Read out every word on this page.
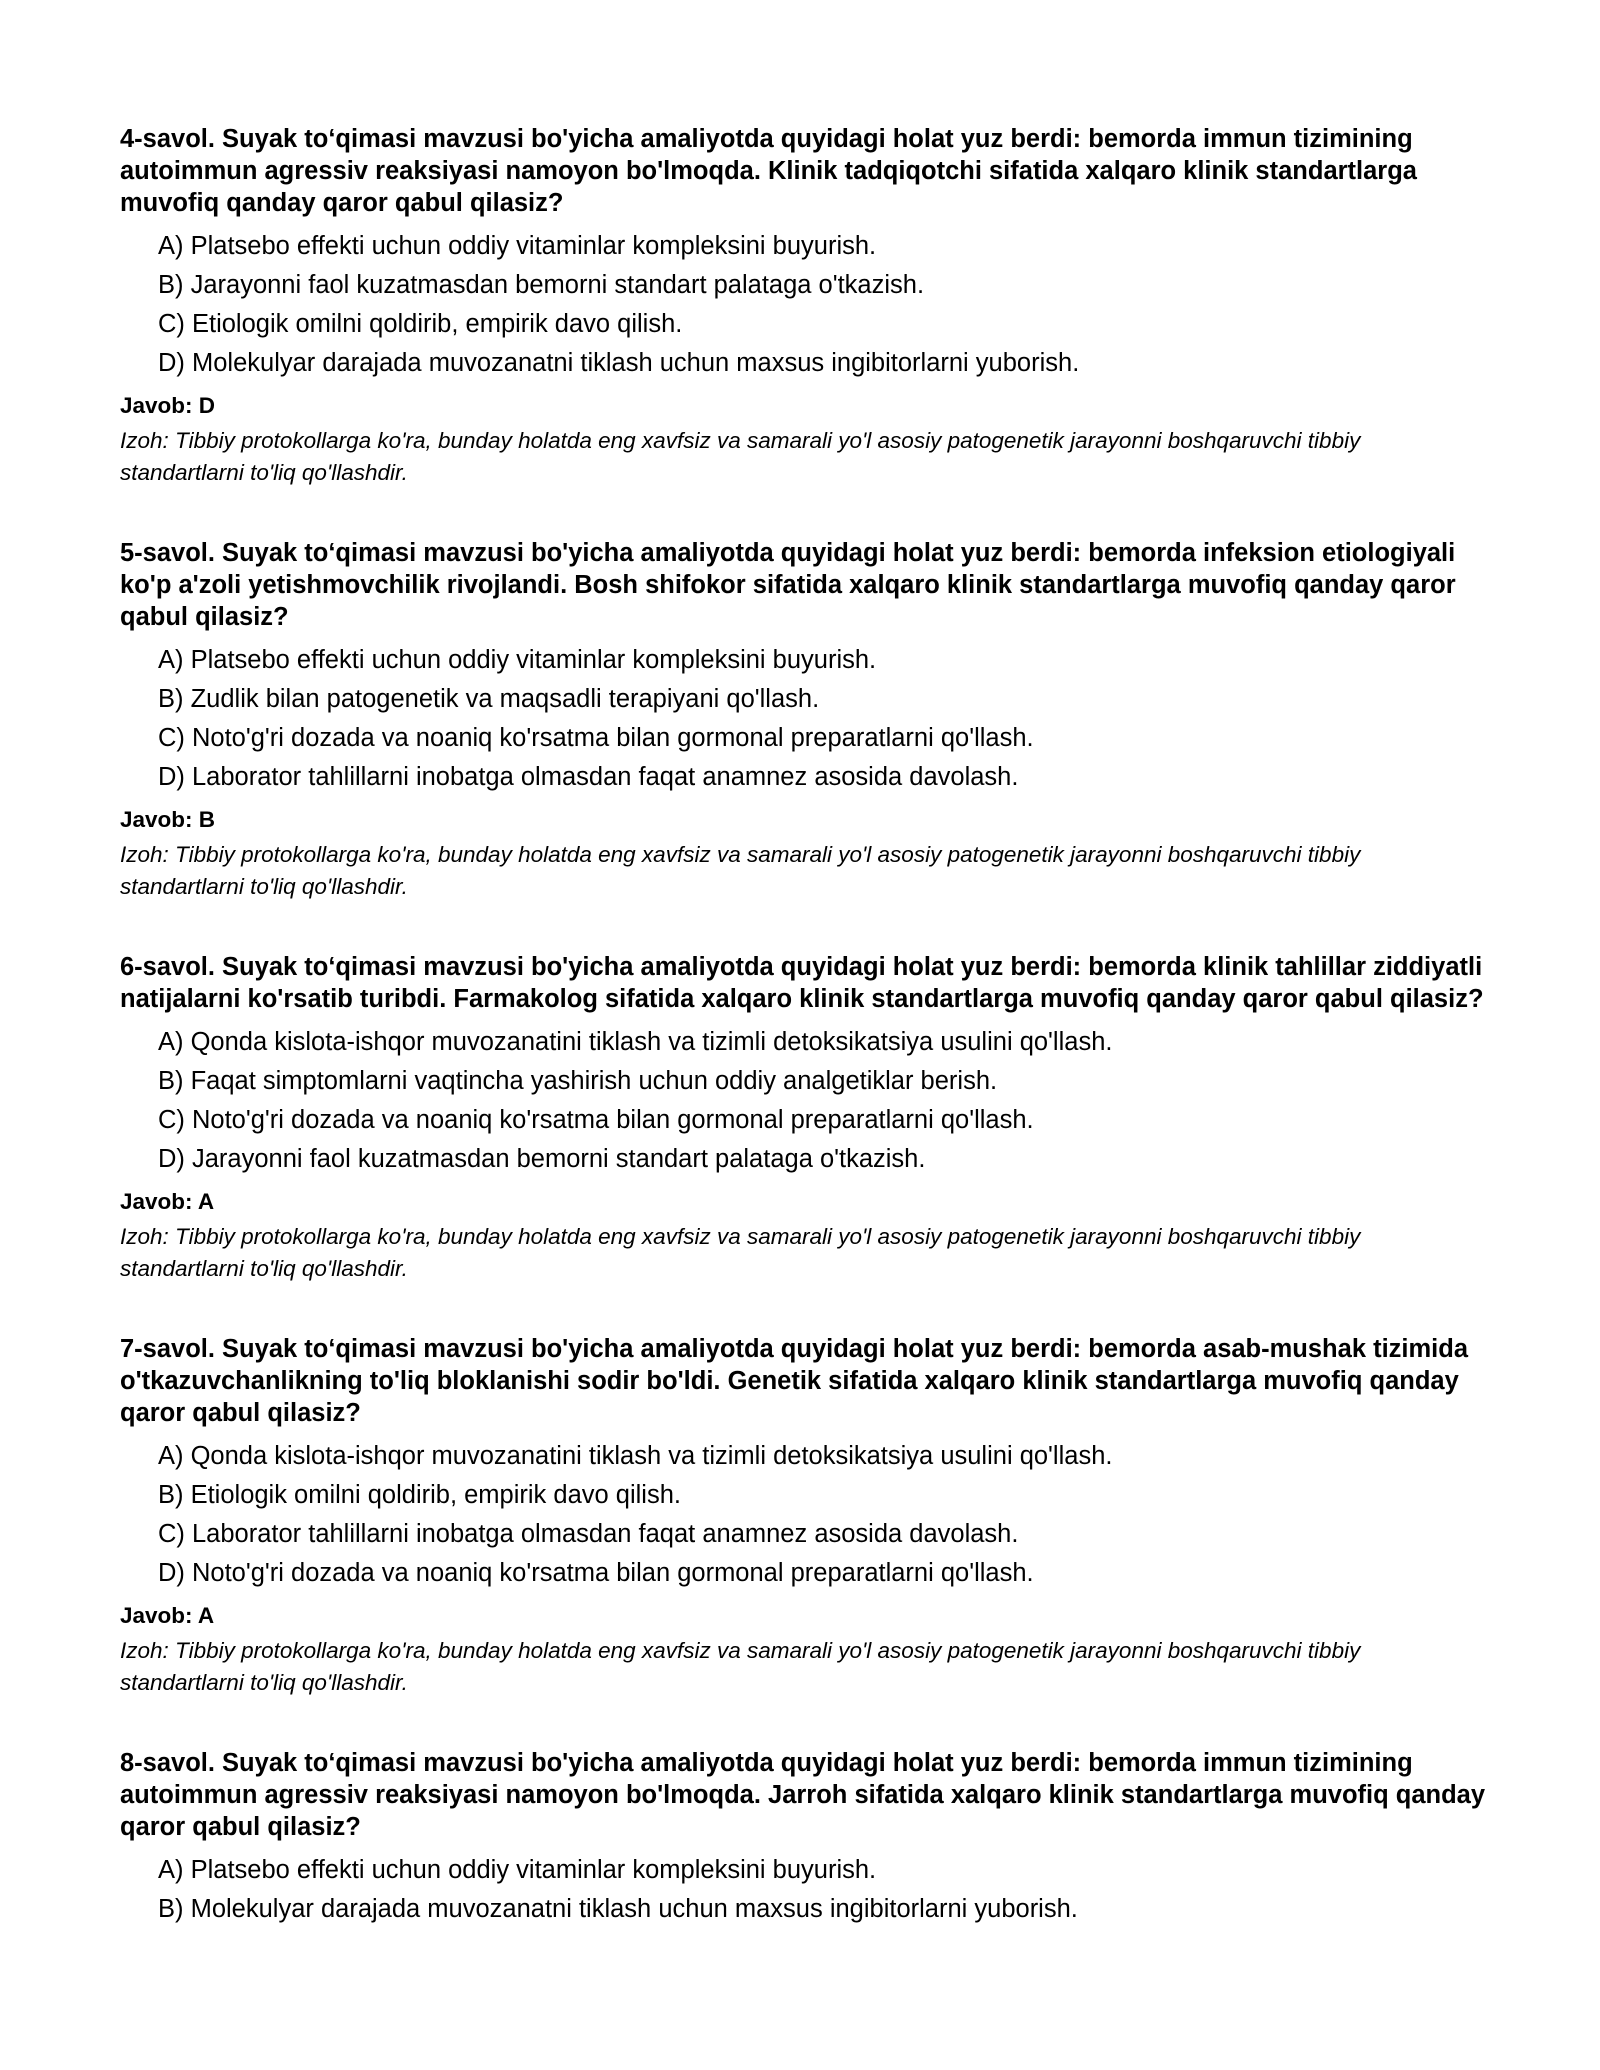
4-savol. Suyak to‘qimasi mavzusi bo'yicha amaliyotda quyidagi holat yuz berdi: bemorda immun tizimining autoimmun agressiv reaksiyasi namoyon bo'lmoqda. Klinik tadqiqotchi sifatida xalqaro klinik standartlarga muvofiq qanday qaror qabul qilasiz?

A) Platsebo effekti uchun oddiy vitaminlar kompleksini buyurish.
B) Jarayonni faol kuzatmasdan bemorni standart palataga o'tkazish.
C) Etiologik omilni qoldirib, empirik davo qilish.
D) Molekulyar darajada muvozanatni tiklash uchun maxsus ingibitorlarni yuborish.

Javob: D

Izoh: Tibbiy protokollarga ko'ra, bunday holatda eng xavfsiz va samarali yo'l asosiy patogenetik jarayonni boshqaruvchi tibbiy standartlarni to'liq qo'llashdir.

5-savol. Suyak to‘qimasi mavzusi bo'yicha amaliyotda quyidagi holat yuz berdi: bemorda infeksion etiologiyali ko'p a'zoli yetishmovchilik rivojlandi. Bosh shifokor sifatida xalqaro klinik standartlarga muvofiq qanday qaror qabul qilasiz?

A) Platsebo effekti uchun oddiy vitaminlar kompleksini buyurish.
B) Zudlik bilan patogenetik va maqsadli terapiyani qo'llash.
C) Noto'g'ri dozada va noaniq ko'rsatma bilan gormonal preparatlarni qo'llash.
D) Laborator tahlillarni inobatga olmasdan faqat anamnez asosida davolash.

Javob: B

Izoh: Tibbiy protokollarga ko'ra, bunday holatda eng xavfsiz va samarali yo'l asosiy patogenetik jarayonni boshqaruvchi tibbiy standartlarni to'liq qo'llashdir.

6-savol. Suyak to‘qimasi mavzusi bo'yicha amaliyotda quyidagi holat yuz berdi: bemorda klinik tahlillar ziddiyatli natijalarni ko'rsatib turibdi. Farmakolog sifatida xalqaro klinik standartlarga muvofiq qanday qaror qabul qilasiz?

A) Qonda kislota-ishqor muvozanatini tiklash va tizimli detoksikatsiya usulini qo'llash.
B) Faqat simptomlarni vaqtincha yashirish uchun oddiy analgetiklar berish.
C) Noto'g'ri dozada va noaniq ko'rsatma bilan gormonal preparatlarni qo'llash.
D) Jarayonni faol kuzatmasdan bemorni standart palataga o'tkazish.

Javob: A

Izoh: Tibbiy protokollarga ko'ra, bunday holatda eng xavfsiz va samarali yo'l asosiy patogenetik jarayonni boshqaruvchi tibbiy standartlarni to'liq qo'llashdir.

7-savol. Suyak to‘qimasi mavzusi bo'yicha amaliyotda quyidagi holat yuz berdi: bemorda asab-mushak tizimida o'tkazuvchanlikning to'liq bloklanishi sodir bo'ldi. Genetik sifatida xalqaro klinik standartlarga muvofiq qanday qaror qabul qilasiz?

A) Qonda kislota-ishqor muvozanatini tiklash va tizimli detoksikatsiya usulini qo'llash.
B) Etiologik omilni qoldirib, empirik davo qilish.
C) Laborator tahlillarni inobatga olmasdan faqat anamnez asosida davolash.
D) Noto'g'ri dozada va noaniq ko'rsatma bilan gormonal preparatlarni qo'llash.

Javob: A

Izoh: Tibbiy protokollarga ko'ra, bunday holatda eng xavfsiz va samarali yo'l asosiy patogenetik jarayonni boshqaruvchi tibbiy standartlarni to'liq qo'llashdir.

8-savol. Suyak to‘qimasi mavzusi bo'yicha amaliyotda quyidagi holat yuz berdi: bemorda immun tizimining autoimmun agressiv reaksiyasi namoyon bo'lmoqda. Jarroh sifatida xalqaro klinik standartlarga muvofiq qanday qaror qabul qilasiz?

A) Platsebo effekti uchun oddiy vitaminlar kompleksini buyurish.
B) Molekulyar darajada muvozanatni tiklash uchun maxsus ingibitorlarni yuborish.
